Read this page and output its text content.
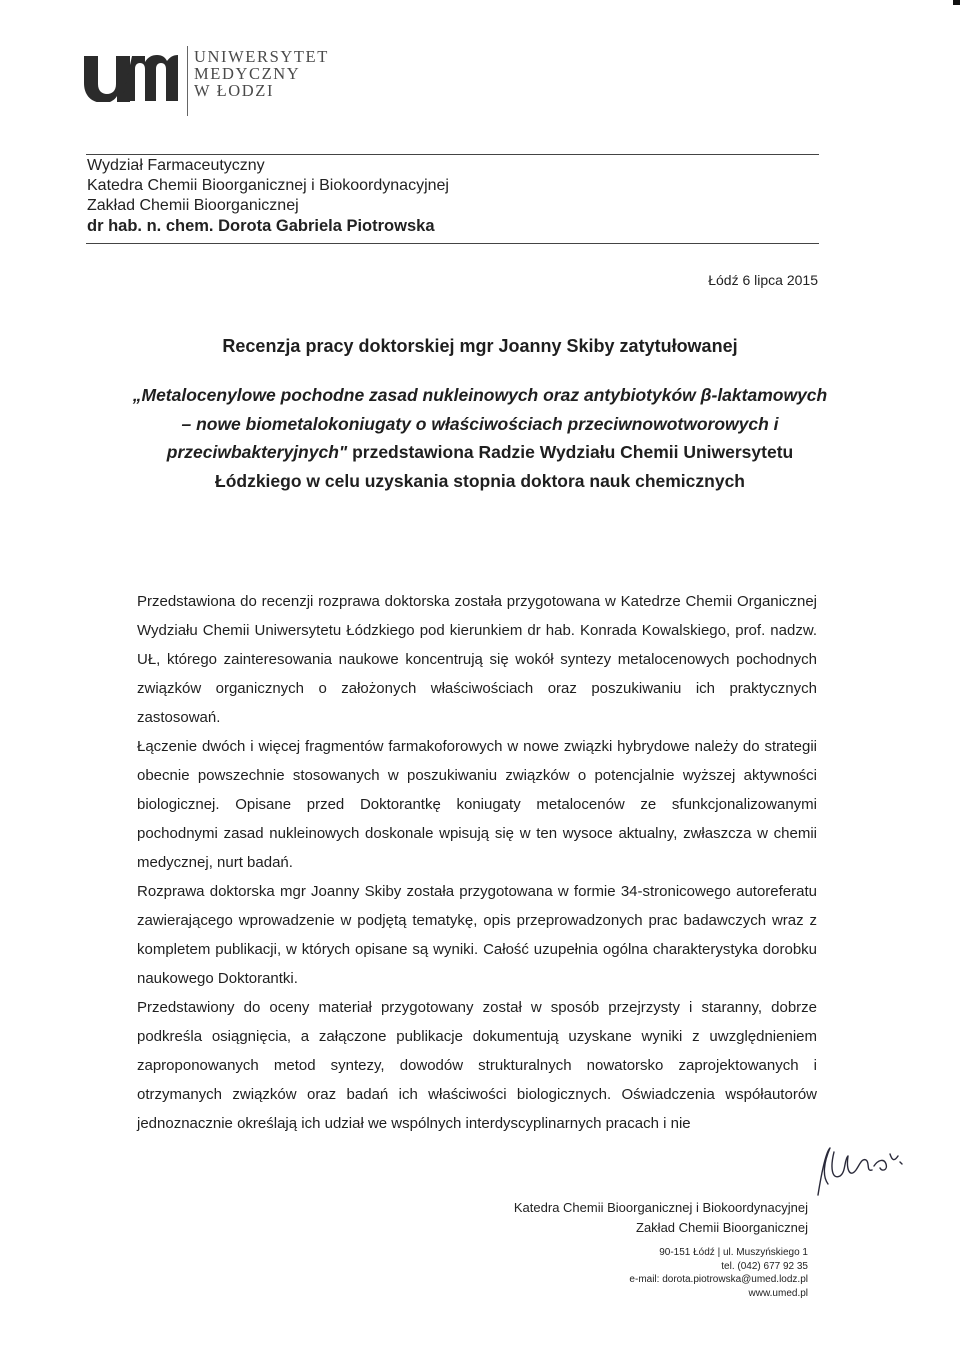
UNIWERSYTET
MEDYCZNY
W ŁODZI
Wydział Farmaceutyczny
Katedra Chemii Bioorganicznej i Biokoordynacyjnej
Zakład Chemii Bioorganicznej
dr hab. n. chem. Dorota Gabriela Piotrowska
Łódź 6 lipca 2015
Recenzja pracy doktorskiej mgr Joanny Skiby zatytułowanej
„Metalocenylowe pochodne zasad nukleinowych oraz antybiotyków β-laktamowych – nowe biometalokoniugaty o właściwościach przeciwnowotworowych i przeciwbakteryjnych" przedstawiona Radzie Wydziału Chemii Uniwersytetu Łódzkiego w celu uzyskania stopnia doktora nauk chemicznych

Przedstawiona do recenzji rozprawa doktorska została przygotowana w Katedrze Chemii Organicznej Wydziału Chemii Uniwersytetu Łódzkiego pod kierunkiem dr hab. Konrada Kowalskiego, prof. nadzw. UŁ, którego zainteresowania naukowe koncentrują się wokół syntezy metalocenowych pochodnych związków organicznych o założonych właściwościach oraz poszukiwaniu ich praktycznych zastosowań.

Łączenie dwóch i więcej fragmentów farmakoforowych w nowe związki hybrydowe należy do strategii obecnie powszechnie stosowanych w poszukiwaniu związków o potencjalnie wyższej aktywności biologicznej. Opisane przed Doktorantkę koniugaty metalocenów ze sfunkcjonalizowanymi pochodnymi zasad nukleinowych doskonale wpisują się w ten wysoce aktualny, zwłaszcza w chemii medycznej, nurt badań.

Rozprawa doktorska mgr Joanny Skiby została przygotowana w formie 34-stronicowego autoreferatu zawierającego wprowadzenie w podjętą tematykę, opis przeprowadzonych prac badawczych wraz z kompletem publikacji, w których opisane są wyniki. Całość uzupełnia ogólna charakterystyka dorobku naukowego Doktorantki.

Przedstawiony do oceny materiał przygotowany został w sposób przejrzysty i staranny, dobrze podkreśla osiągnięcia, a załączone publikacje dokumentują uzyskane wyniki z uwzględnieniem zaproponowanych metod syntezy, dowodów strukturalnych nowatorsko zaprojektowanych i otrzymanych związków oraz badań ich właściwości biologicznych. Oświadczenia współautorów jednoznacznie określają ich udział we wspólnych interdyscyplinarnych pracach i nie

Katedra Chemii Bioorganicznej i Biokoordynacyjnej
Zakład Chemii Bioorganicznej
90-151 Łódź | ul. Muszyńskiego 1
tel. (042) 677 92 35
e-mail: dorota.piotrowska@umed.lodz.pl
www.umed.pl
